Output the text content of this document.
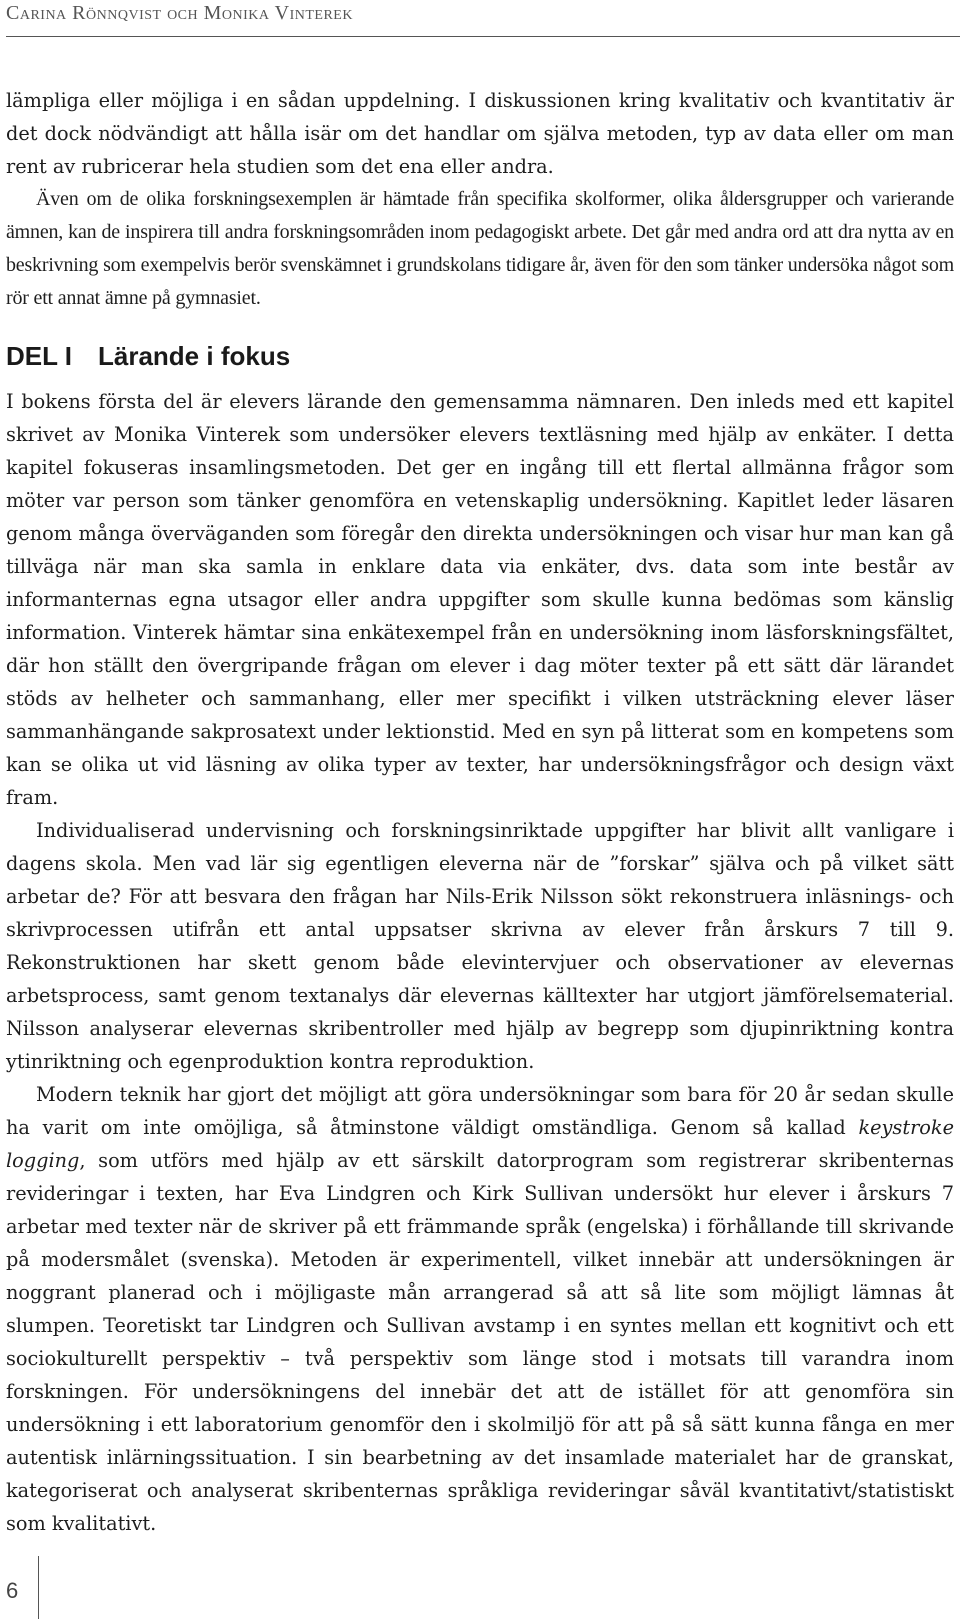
Carina Rönnqvist och Monika Vinterek

lämpliga eller möjliga i en sådan uppdelning. I diskussionen kring kvalitativ och kvantitativ är det dock nödvändigt att hålla isär om det handlar om själva metoden, typ av data eller om man rent av rubricerar hela studien som det ena eller andra.

Även om de olika forskningsexemplen är hämtade från specifika skolformer, olika åldersgrupper och varierande ämnen, kan de inspirera till andra forskningsområden inom pedagogiskt arbete. Det går med andra ord att dra nytta av en beskrivning som exempelvis berör svenskämnet i grundskolans tidigare år, även för den som tänker undersöka något som rör ett annat ämne på gymnasiet.

DEL I Lärande i fokus

I bokens första del är elevers lärande den gemensamma nämnaren. Den inleds med ett kapitel skrivet av Monika Vinterek som undersöker elevers textläsning med hjälp av enkäter. I detta kapitel fokuseras insamlingsmetoden. Det ger en ingång till ett flertal allmänna frågor som möter var person som tänker genomföra en vetenskaplig undersökning. Kapitlet leder läsaren genom många överväganden som föregår den direkta undersökningen och visar hur man kan gå tillväga när man ska samla in enklare data via enkäter, dvs. data som inte består av informanternas egna utsagor eller andra uppgifter som skulle kunna bedömas som känslig information. Vinterek hämtar sina enkätexempel från en undersökning inom läsforskningsfältet, där hon ställt den övergripande frågan om elever i dag möter texter på ett sätt där lärandet stöds av helheter och sammanhang, eller mer specifikt i vilken utsträckning elever läser sammanhängande sakprosatext under lektionstid. Med en syn på litterat som en kompetens som kan se olika ut vid läsning av olika typer av texter, har undersökningsfrågor och design växt fram.

Individualiserad undervisning och forskningsinriktade uppgifter har blivit allt vanligare i dagens skola. Men vad lär sig egentligen eleverna när de ”forskar” själva och på vilket sätt arbetar de? För att besvara den frågan har Nils-Erik Nilsson sökt rekonstruera inläsnings- och skrivprocessen utifrån ett antal uppsatser skrivna av elever från årskurs 7 till 9. Rekonstruktionen har skett genom både elevintervjuer och observationer av elevernas arbetsprocess, samt genom textanalys där elevernas källtexter har utgjort jämförelsematerial. Nilsson analyserar elevernas skribentroller med hjälp av begrepp som djupinriktning kontra ytinriktning och egenproduktion kontra reproduktion.

Modern teknik har gjort det möjligt att göra undersökningar som bara för 20 år sedan skulle ha varit om inte omöjliga, så åtminstone väldigt omständliga. Genom så kallad keystroke logging, som utförs med hjälp av ett särskilt datorprogram som registrerar skribenternas revideringar i texten, har Eva Lindgren och Kirk Sullivan undersökt hur elever i årskurs 7 arbetar med texter när de skriver på ett främmande språk (engelska) i förhållande till skrivande på modersmålet (svenska). Metoden är experimentell, vilket innebär att undersökningen är noggrant planerad och i möjligaste mån arrangerad så att så lite som möjligt lämnas åt slumpen. Teoretiskt tar Lindgren och Sullivan avstamp i en syntes mellan ett kognitivt och ett sociokulturellt perspektiv – två perspektiv som länge stod i motsats till varandra inom forskningen. För undersökningens del innebär det att de istället för att genomföra sin undersökning i ett laboratorium genomför den i skolmiljö för att på så sätt kunna fånga en mer autentisk inlärningssituation. I sin bearbetning av det insamlade materialet har de granskat, kategoriserat och analyserat skribenternas språkliga revideringar såväl kvantitativt/statistiskt som kvalitativt.

6
